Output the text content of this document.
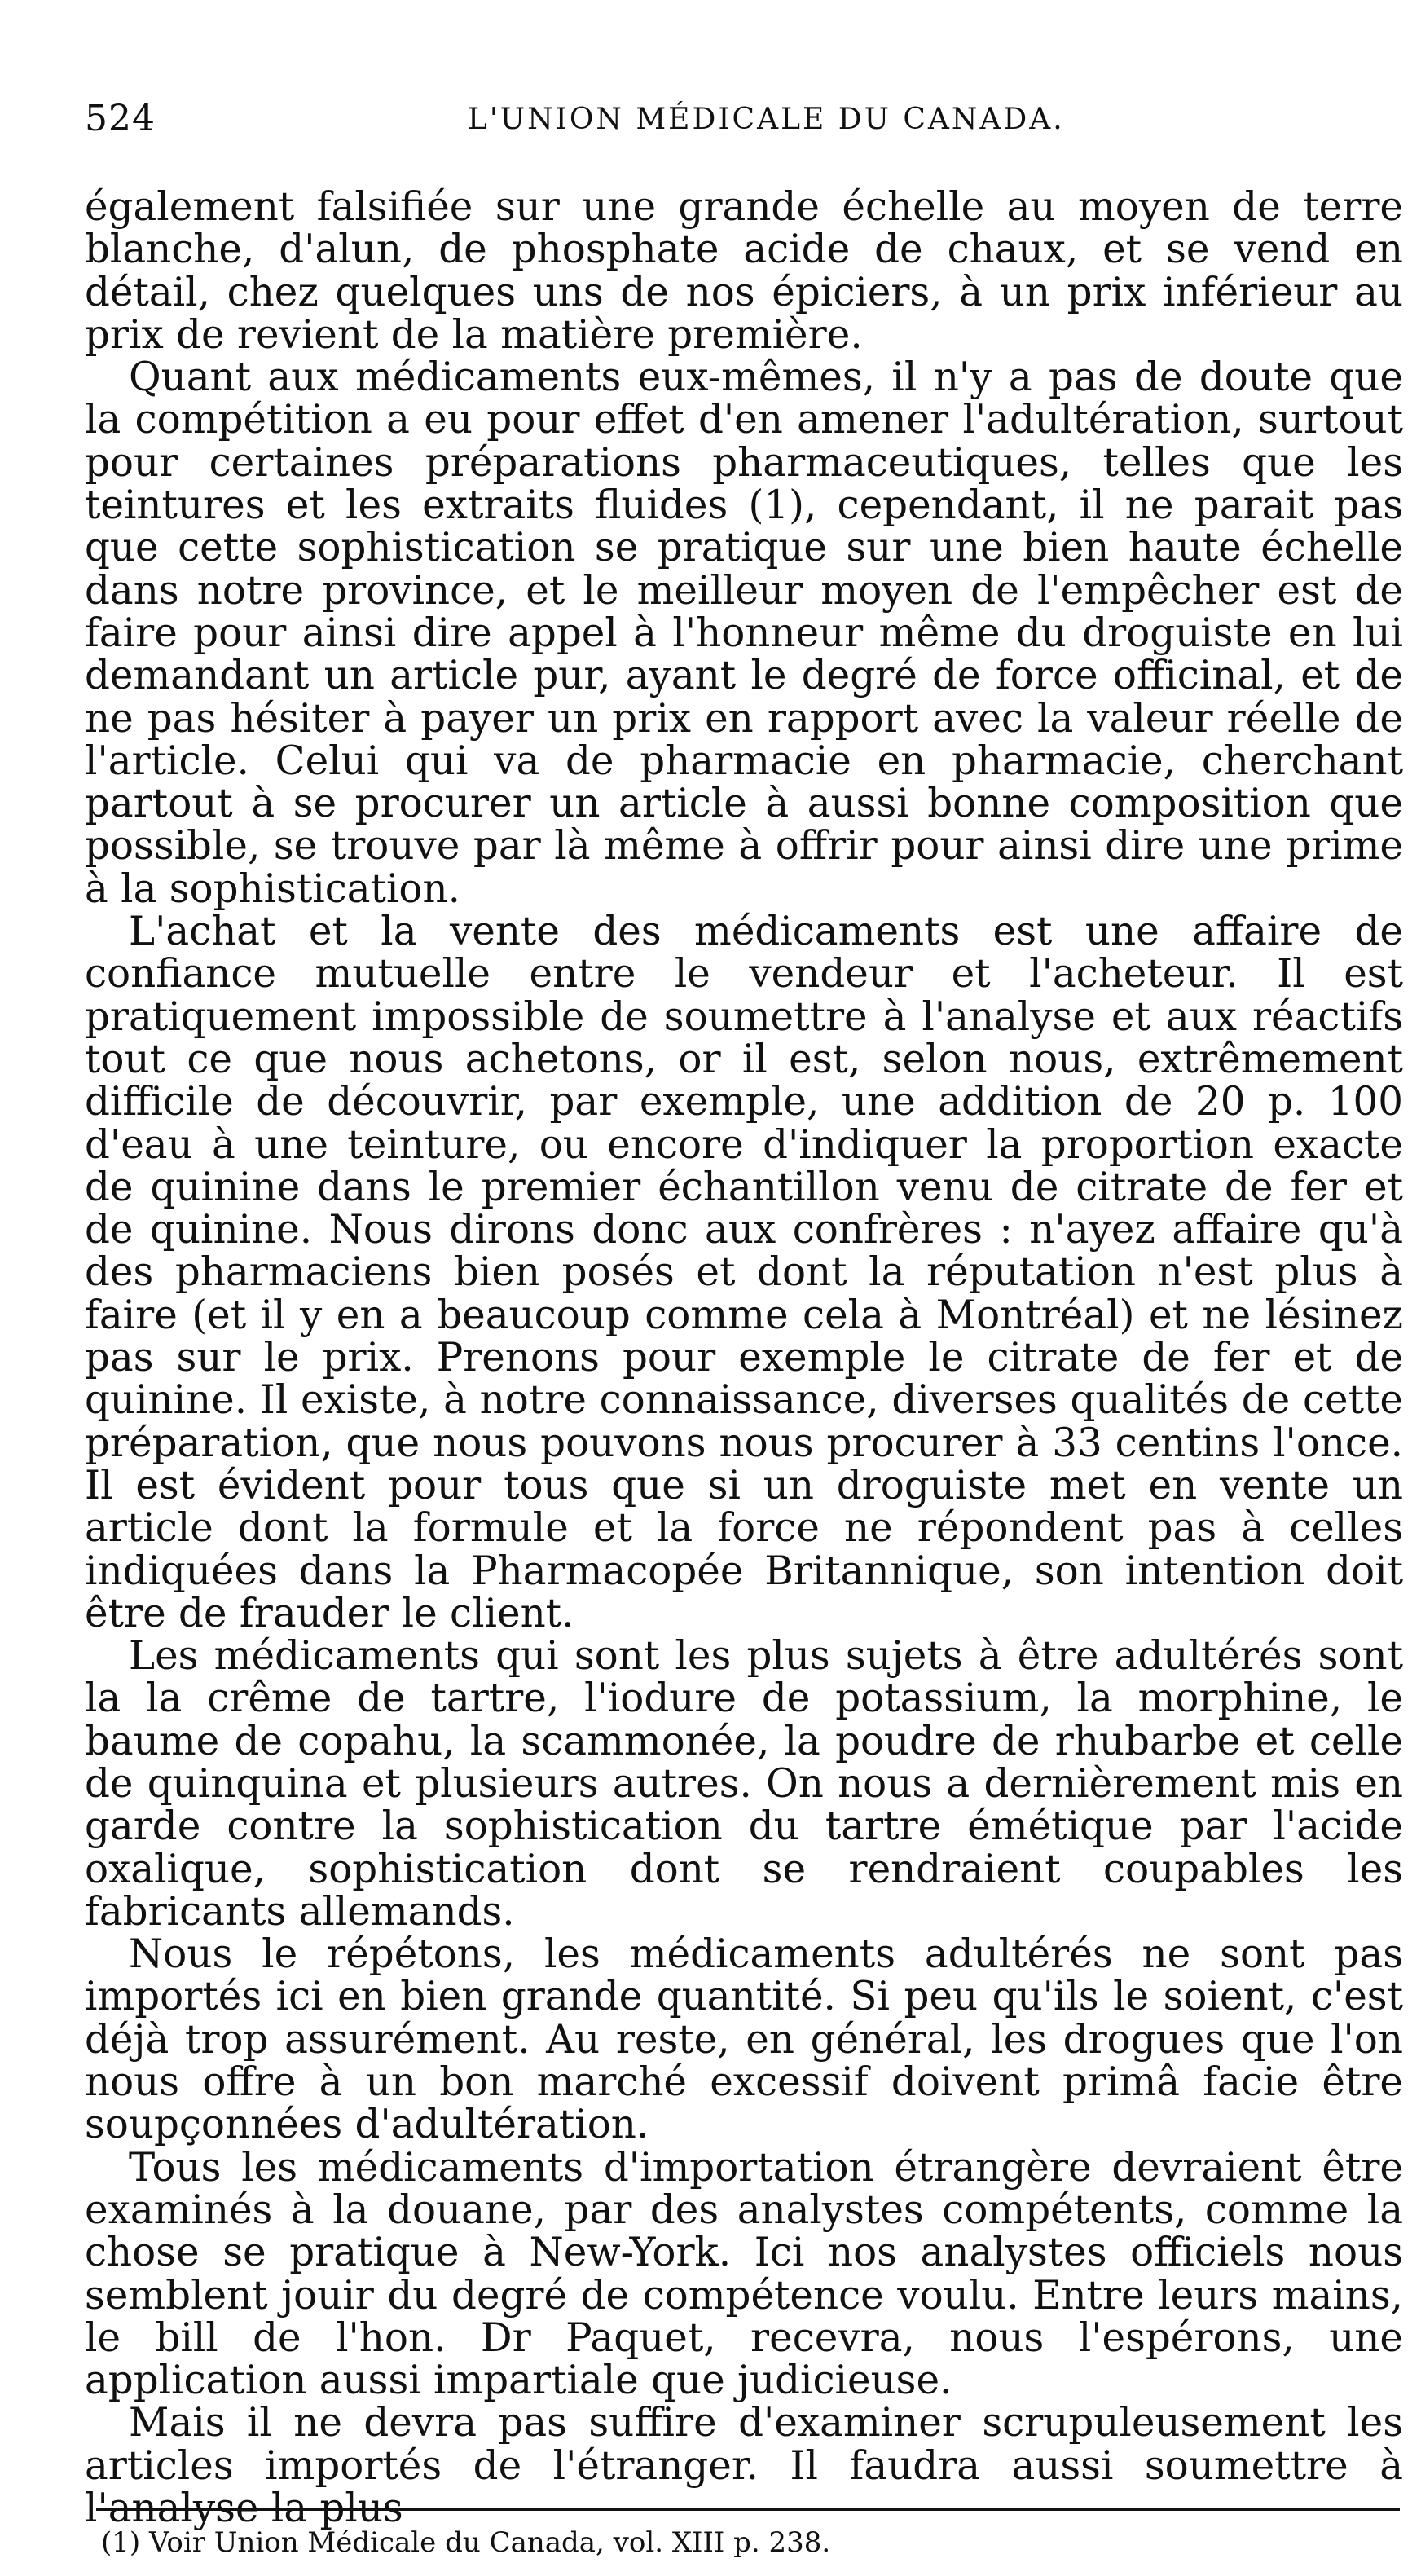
524	L'UNION MÉDICALE DU CANADA.

également falsifiée sur une grande échelle au moyen de terre blanche, d'alun, de phosphate acide de chaux, et se vend en détail, chez quelques uns de nos épiciers, à un prix inférieur au prix de revient de la matière première.

Quant aux médicaments eux-mêmes, il n'y a pas de doute que la compétition a eu pour effet d'en amener l'adultération, surtout pour certaines préparations pharmaceutiques, telles que les teintures et les extraits fluides (1), cependant, il ne parait pas que cette sophistication se pratique sur une bien haute échelle dans notre province, et le meilleur moyen de l'empêcher est de faire pour ainsi dire appel à l'honneur même du droguiste en lui demandant un article pur, ayant le degré de force officinal, et de ne pas hésiter à payer un prix en rapport avec la valeur réelle de l'article. Celui qui va de pharmacie en pharmacie, cherchant partout à se procurer un article à aussi bonne composition que possible, se trouve par là même à offrir pour ainsi dire une prime à la sophistication.

L'achat et la vente des médicaments est une affaire de confiance mutuelle entre le vendeur et l'acheteur. Il est pratiquement impossible de soumettre à l'analyse et aux réactifs tout ce que nous achetons, or il est, selon nous, extrêmement difficile de découvrir, par exemple, une addition de 20 p. 100 d'eau à une teinture, ou encore d'indiquer la proportion exacte de quinine dans le premier échantillon venu de citrate de fer et de quinine. Nous dirons donc aux confrères : n'ayez affaire qu'à des pharmaciens bien posés et dont la réputation n'est plus à faire (et il y en a beaucoup comme cela à Montréal) et ne lésinez pas sur le prix. Prenons pour exemple le citrate de fer et de quinine. Il existe, à notre connaissance, diverses qualités de cette préparation, que nous pouvons nous procurer à 33 centins l'once. Il est évident pour tous que si un droguiste met en vente un article dont la formule et la force ne répondent pas à celles indiquées dans la Pharmacopée Britannique, son intention doit être de frauder le client.

Les médicaments qui sont les plus sujets à être adultérés sont la la crême de tartre, l'iodure de potassium, la morphine, le baume de copahu, la scammonée, la poudre de rhubarbe et celle de quinquina et plusieurs autres. On nous a dernièrement mis en garde contre la sophistication du tartre émétique par l'acide oxalique, sophistication dont se rendraient coupables les fabricants allemands.

Nous le répétons, les médicaments adultérés ne sont pas importés ici en bien grande quantité. Si peu qu'ils le soient, c'est déjà trop assurément. Au reste, en général, les drogues que l'on nous offre à un bon marché excessif doivent primâ facie être soupçonnées d'adultération.

Tous les médicaments d'importation étrangère devraient être examinés à la douane, par des analystes compétents, comme la chose se pratique à New-York. Ici nos analystes officiels nous semblent jouir du degré de compétence voulu. Entre leurs mains, le bill de l'hon. Dr Paquet, recevra, nous l'espérons, une application aussi impartiale que judicieuse.

Mais il ne devra pas suffire d'examiner scrupuleusement les articles importés de l'étranger. Il faudra aussi soumettre à l'analyse la plus

(1) Voir Union Médicale du Canada, vol. XIII p. 238.
